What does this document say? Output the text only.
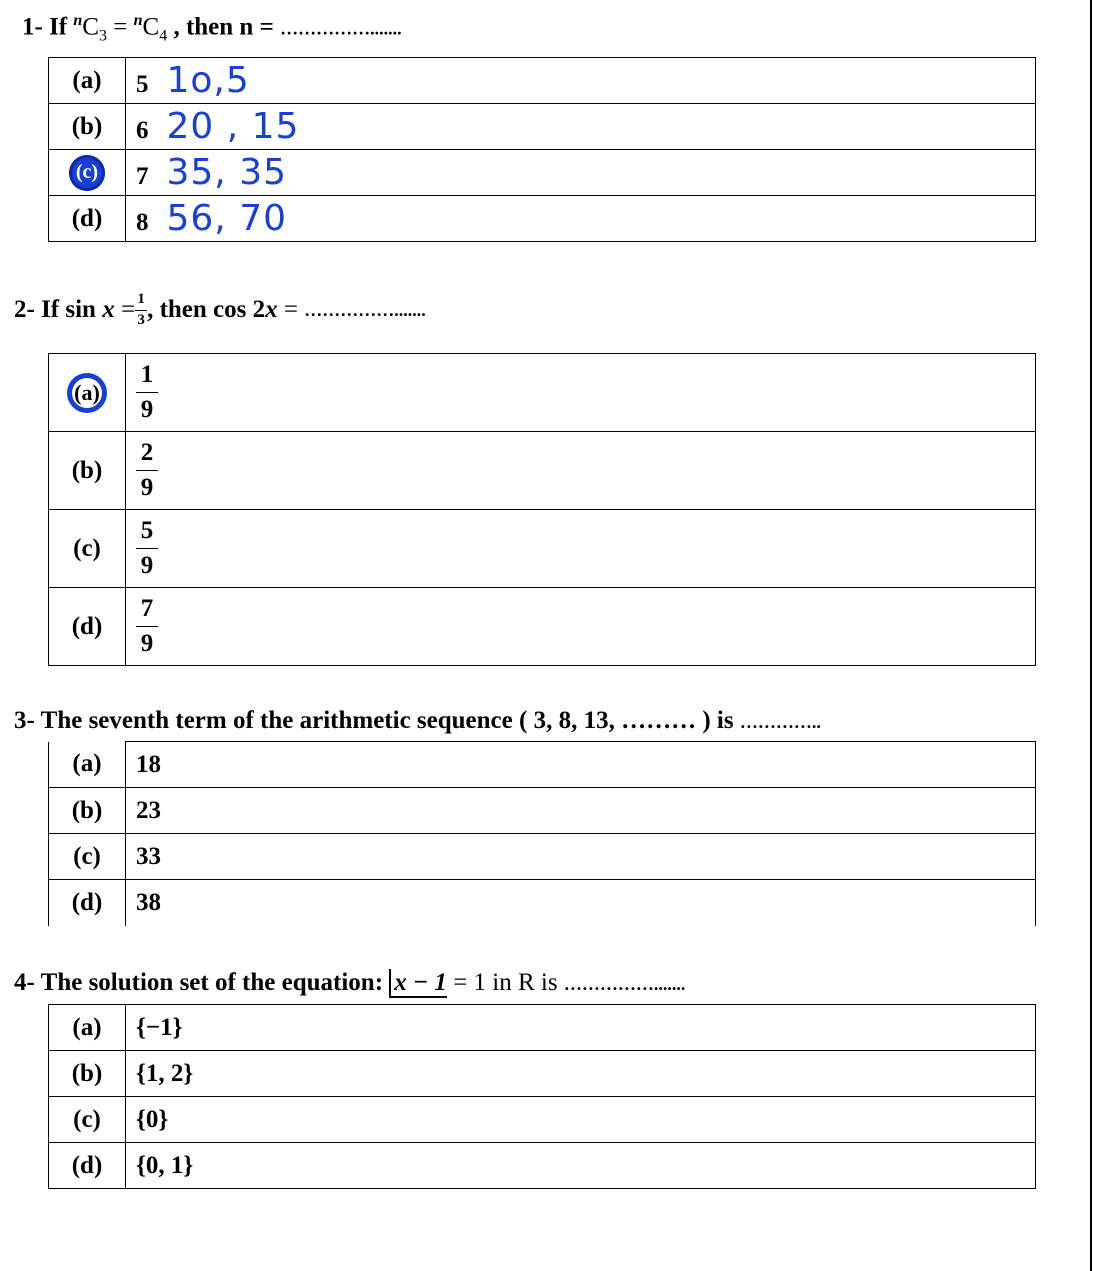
1- If $^nC_3 = ^nC_4$ , then n = …………….......
(a)	5 1o,5
(b)	6 20 , 15
(c)	7 35, 35
(d)	8 56, 70
2-
If sin
x
= $\frac{1}{3}$ , then cos 2 x
=
…………….......
(a)	$\frac{1}{9}$

(b)	$\frac{2}{9}$

(c)	$\frac{5}{9}$

(d)	$\frac{7}{9}$
3- The seventh term of the arithmetic sequence ( 3, 8, 13, ……… ) is …………..
(a)	18
(b)	23
(c)	33
(d)	38
4- The solution set of the equation: x − 1 = 1 in R is …………….......
(a)	{−1}
(b)	{1, 2}
(c)	{0}
(d)	{0, 1}
